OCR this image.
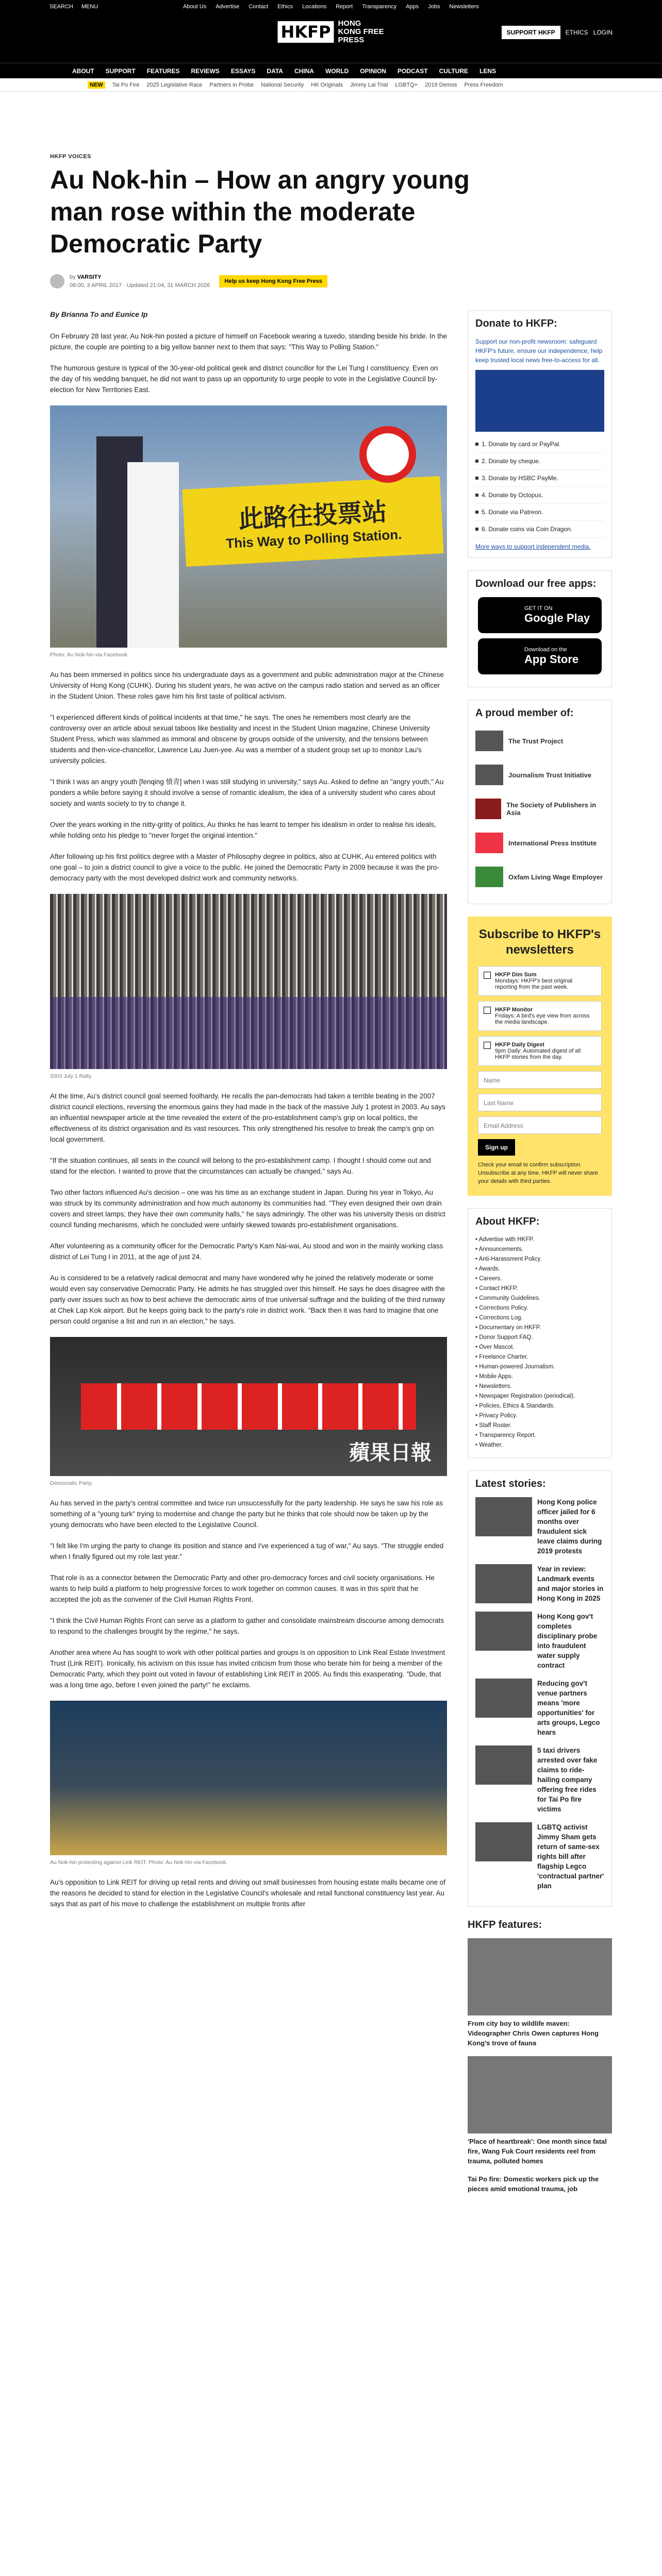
SEARCH MENU	About Us Advertise Contact Ethics Locations Report Transparency Apps Jobs Newsletters
HKFP HONG KONG FREE PRESS
SUPPORT HKFP	ETHICS LOGIN
ABOUT SUPPORT FEATURES REVIEWS ESSAYS DATA CHINA WORLD OPINION PODCAST CULTURE LENS
NEW	Tai Po Fire 2025 Legislative Race Partners in Probe National Security HK Originals Jimmy Lai Trial LGBTQ+ 2019 Demos Press Freedom
HKFP VOICES
Au Nok-hin – How an angry young man rose within the moderate Democratic Party
by VARSITY
08:00, 3 APRIL 2017 · Updated 21:04, 31 MARCH 2026
Help us keep Hong Kong Free Press
By Brianna To and Eunice Ip

On February 28 last year, Au Nok-hin posted a picture of himself on Facebook wearing a tuxedo, standing beside his bride. In the picture, the couple are pointing to a big yellow banner next to them that says: "This Way to Polling Station."

The humorous gesture is typical of the 30-year-old political geek and district councillor for the Lei Tung I constituency. Even on the day of his wedding banquet, he did not want to pass up an opportunity to urge people to vote in the Legislative Council by-election for New Territories East.

此路往投票站
This Way to Polling Station.
Photo: Au Nok-hin via Facebook.

Au has been immersed in politics since his undergraduate days as a government and public administration major at the Chinese University of Hong Kong (CUHK). During his student years, he was active on the campus radio station and served as an officer in the Student Union. These roles gave him his first taste of political activism.

"I experienced different kinds of political incidents at that time," he says. The ones he remembers most clearly are the controversy over an article about sexual taboos like bestiality and incest in the Student Union magazine, Chinese University Student Press, which was slammed as immoral and obscene by groups outside of the university, and the tensions between students and then-vice-chancellor, Lawrence Lau Juen-yee. Au was a member of a student group set up to monitor Lau's university policies.

"I think I was an angry youth [fenqing 憤青] when I was still studying in university," says Au. Asked to define an "angry youth," Au ponders a while before saying it should involve a sense of romantic idealism, the idea of a university student who cares about society and wants society to try to change it.

Over the years working in the nitty-gritty of politics, Au thinks he has learnt to temper his idealism in order to realise his ideals, while holding onto his pledge to "never forget the original intention."

After following up his first politics degree with a Master of Philosophy degree in politics, also at CUHK, Au entered politics with one goal – to join a district council to give a voice to the public. He joined the Democratic Party in 2009 because it was the pro-democracy party with the most developed district work and community networks.

2003 July 1 Rally.

At the time, Au's district council goal seemed foolhardy. He recalls the pan-democrats had taken a terrible beating in the 2007 district council elections, reversing the enormous gains they had made in the back of the massive July 1 protest in 2003. Au says an influential newspaper article at the time revealed the extent of the pro-establishment camp's grip on local politics, the effectiveness of its district organisation and its vast resources. This only strengthened his resolve to break the camp's grip on local government.

"If the situation continues, all seats in the council will belong to the pro-establishment camp. I thought I should come out and stand for the election. I wanted to prove that the circumstances can actually be changed," says Au.

Two other factors influenced Au's decision – one was his time as an exchange student in Japan. During his year in Tokyo, Au was struck by its community administration and how much autonomy its communities had. "They even designed their own drain covers and street lamps; they have their own community halls," he says admiringly. The other was his university thesis on district council funding mechanisms, which he concluded were unfairly skewed towards pro-establishment organisations.

After volunteering as a community officer for the Democratic Party's Kam Nai-wai, Au stood and won in the mainly working class district of Lei Tung I in 2011, at the age of just 24.

Au is considered to be a relatively radical democrat and many have wondered why he joined the relatively moderate or some would even say conservative Democratic Party. He admits he has struggled over this himself. He says he does disagree with the party over issues such as how to best achieve the democratic aims of true universal suffrage and the building of the third runway at Chek Lap Kok airport. But he keeps going back to the party's role in district work. "Back then it was hard to imagine that one person could organise a list and run in an election," he says.

蘋果日報
Democratic Party.

Au has served in the party's central committee and twice run unsuccessfully for the party leadership. He says he saw his role as something of a "young turk" trying to modernise and change the party but he thinks that role should now be taken up by the young democrats who have been elected to the Legislative Council.

"I felt like I'm urging the party to change its position and stance and I've experienced a tug of war," Au says. "The struggle ended when I finally figured out my role last year."

That role is as a connector between the Democratic Party and other pro-democracy forces and civil society organisations. He wants to help build a platform to help progressive forces to work together on common causes. It was in this spirit that he accepted the job as the convener of the Civil Human Rights Front.

"I think the Civil Human Rights Front can serve as a platform to gather and consolidate mainstream discourse among democrats to respond to the challenges brought by the regime," he says.

Another area where Au has sought to work with other political parties and groups is on opposition to Link Real Estate Investment Trust (Link REIT). Ironically, his activism on this issue has invited criticism from those who berate him for being a member of the Democratic Party, which they point out voted in favour of establishing Link REIT in 2005. Au finds this exasperating. "Dude, that was a long time ago, before I even joined the party!" he exclaims.

Au Nok-hin protesting against Link REIT. Photo: Au Nok-hin via Facebook.

Au's opposition to Link REIT for driving up retail rents and driving out small businesses from housing estate malls became one of the reasons he decided to stand for election in the Legislative Council's wholesale and retail functional constituency last year. Au says that as part of his move to challenge the establishment on multiple fronts after

Donate to HKFP:

Support our non-profit newsroom: safeguard HKFP's future, ensure our independence, help keep trusted local news free-to-access for all.

1. Donate by card or PayPal.
2. Donate by cheque.
3. Donate by HSBC PayMe.
4. Donate by Octopus.
5. Donate via Patreon.
6. Donate coins via Coin Dragon.
More ways to support independent media.
Download our free apps:
GET IT ON
Google Play
Download on the
App Store
A proud member of:
The Trust Project
Journalism Trust Initiative
The Society of Publishers in Asia
International Press Institute
Oxfam Living Wage Employer
Subscribe to HKFP's newsletters
HKFP Dim Sum
Mondays: HKFP's best original reporting from the past week.
HKFP Monitor
Fridays: A bird's eye view from across the media landscape.
HKFP Daily Digest
9pm Daily: Automated digest of all HKFP stories from the day.
Name
Last Name
Email Address
Sign up

Check your email to confirm subscription. Unsubscribe at any time. HKFP will never share your details with third parties.

About HKFP:
• Advertise with HKFP.
• Announcements.
• Anti-Harassment Policy.
• Awards.
• Careers.
• Contact HKFP.
• Community Guidelines.
• Corrections Policy.
• Corrections Log.
• Documentary on HKFP.
• Donor Support FAQ.
• Over Mascot.
• Freelance Charter.
• Human-powered Journalism.
• Mobile Apps.
• Newsletters.
• Newspaper Registration (periodical).
• Policies, Ethics & Standards.
• Privacy Policy.
• Staff Roster.
• Transparency Report.
• Weather.
Latest stories:
Hong Kong police officer jailed for 6 months over fraudulent sick leave claims during 2019 protests
Year in review: Landmark events and major stories in Hong Kong in 2025
Hong Kong gov't completes disciplinary probe into fraudulent water supply contract
Reducing gov't venue partners means 'more opportunities' for arts groups, Legco hears
5 taxi drivers arrested over fake claims to ride-hailing company offering free rides for Tai Po fire victims
LGBTQ activist Jimmy Sham gets return of same-sex rights bill after flagship Legco 'contractual partner' plan
HKFP features:
From city boy to wildlife maven: Videographer Chris Owen captures Hong Kong's trove of fauna
'Place of heartbreak': One month since fatal fire, Wang Fuk Court residents reel from trauma, polluted homes
Tai Po fire: Domestic workers pick up the pieces amid emotional trauma, job
